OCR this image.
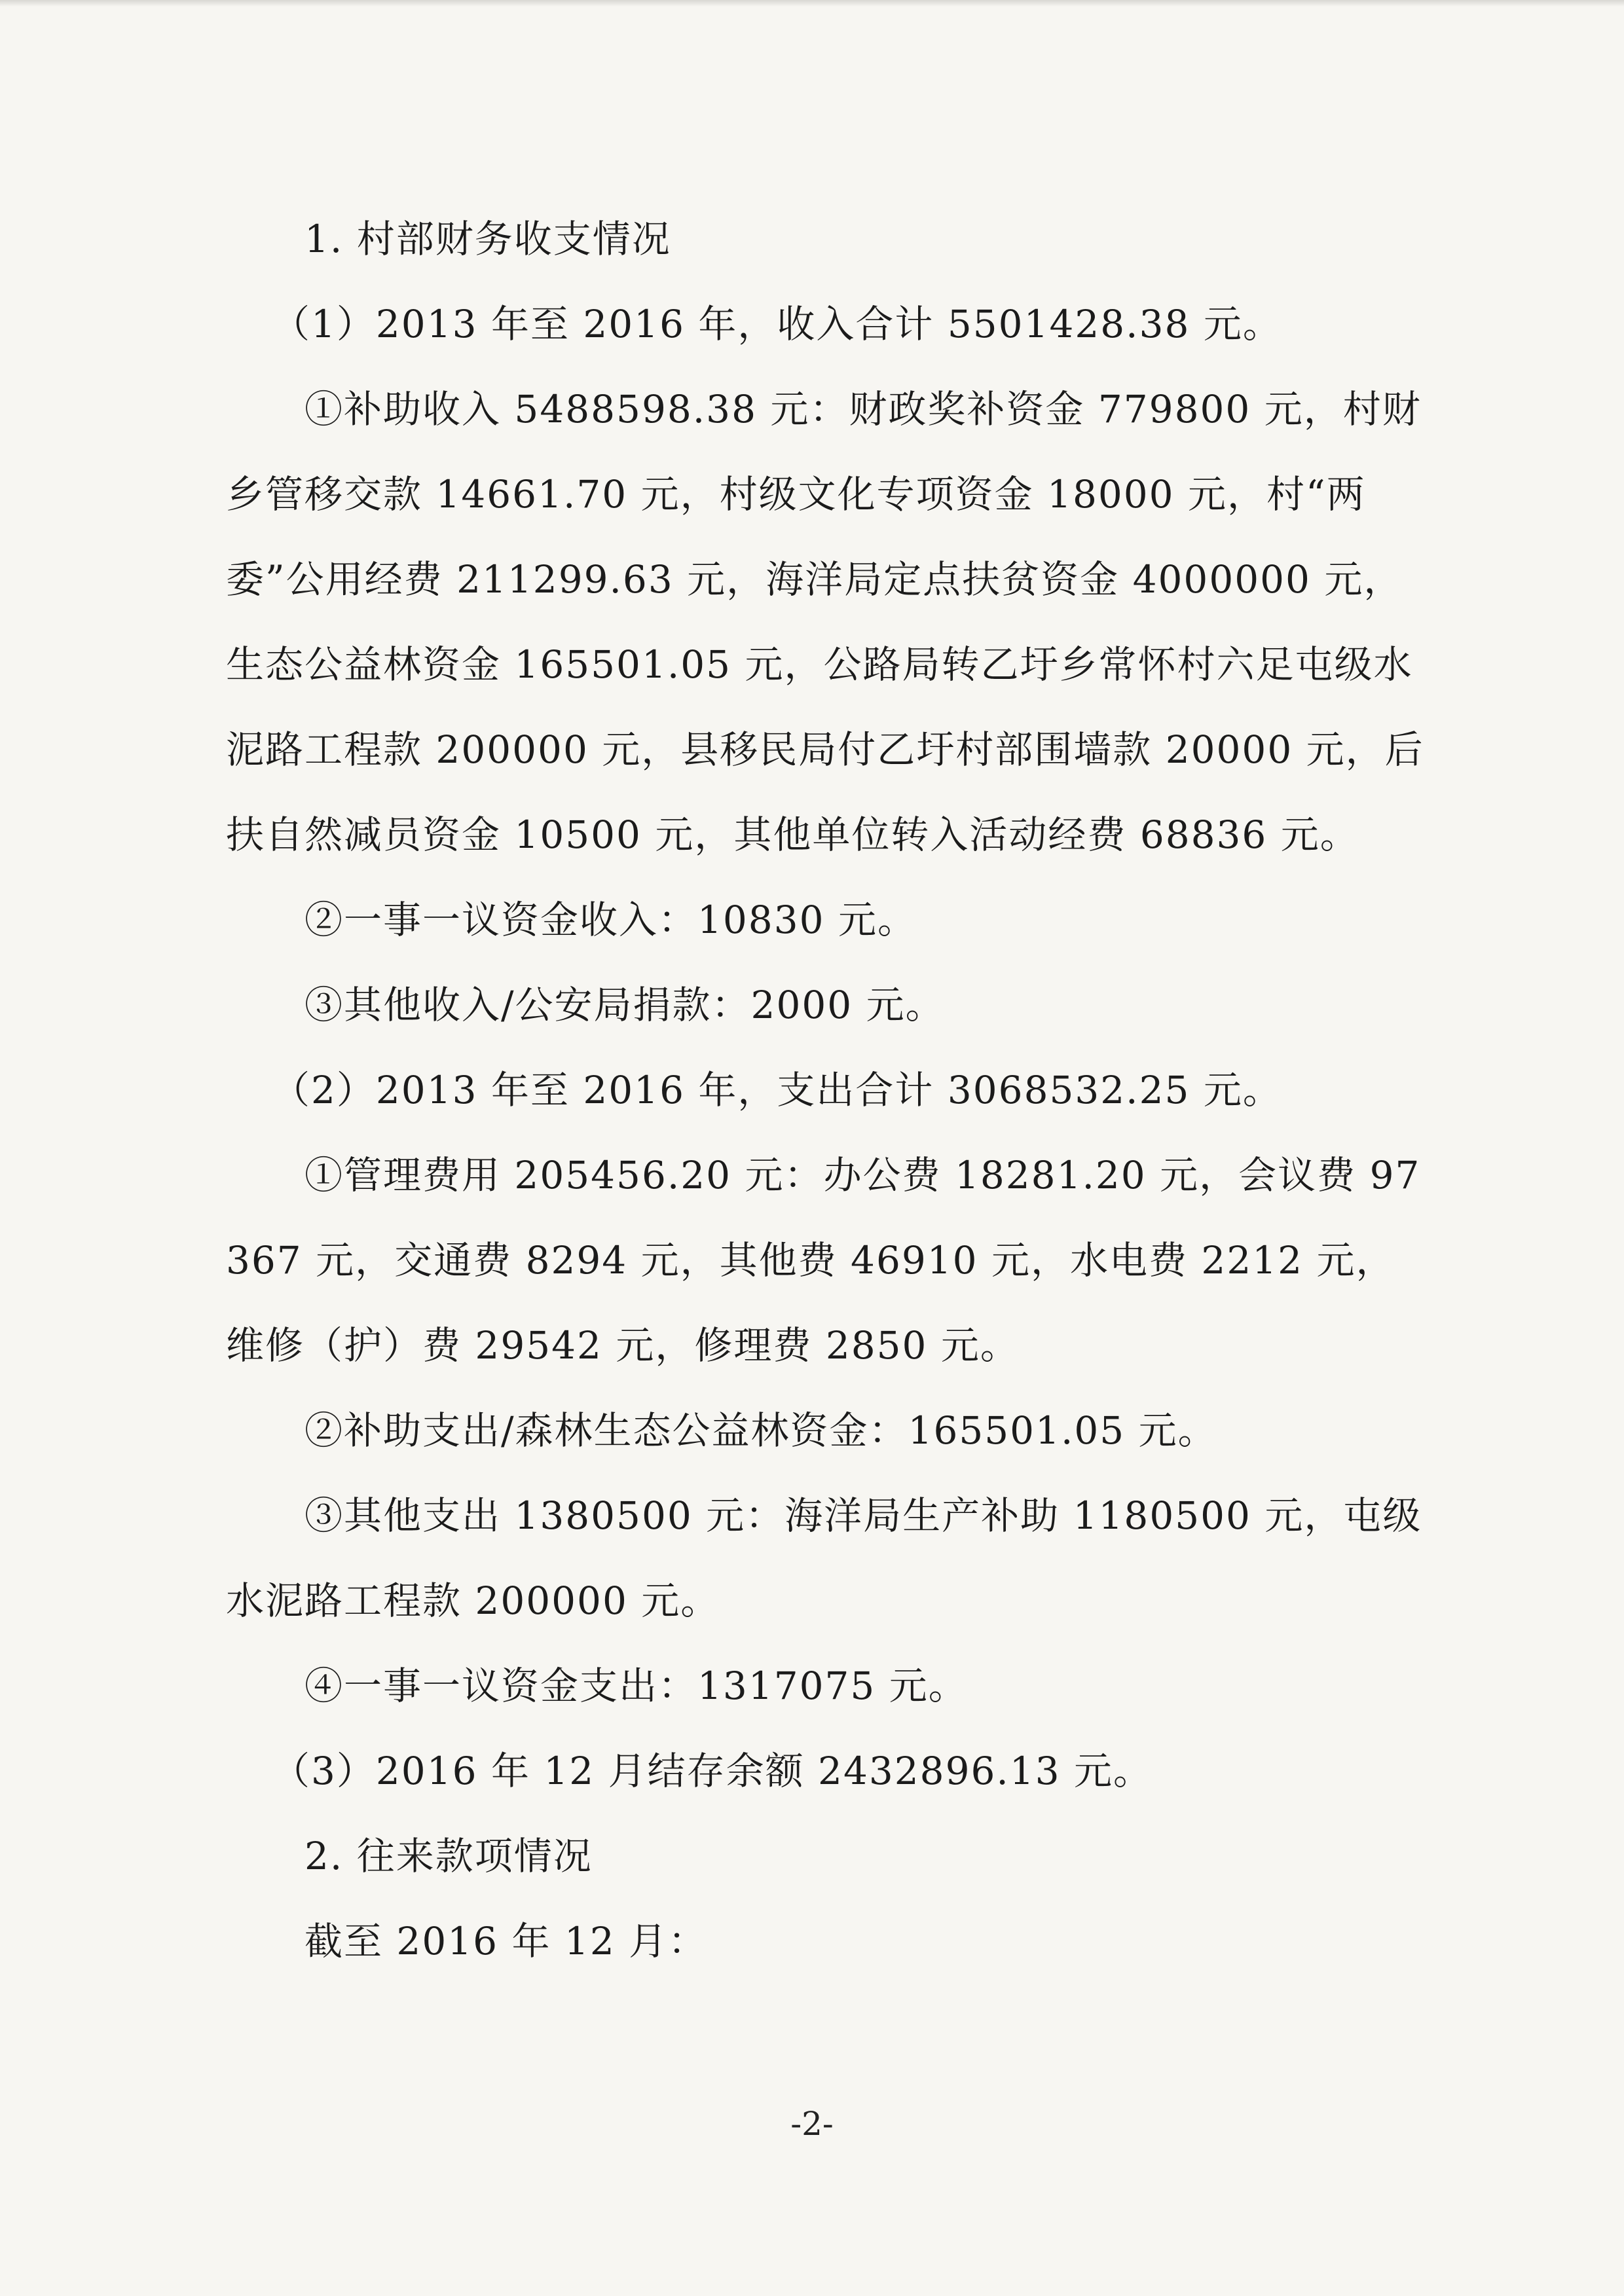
1. 村部财务收支情况

（1）2013 年至 2016 年，收入合计 5501428.38 元。

①补助收入 5488598.38 元：财政奖补资金 779800 元，村财乡管移交款 14661.70 元，村级文化专项资金 18000 元，村“两委”公用经费 211299.63 元，海洋局定点扶贫资金 4000000 元，生态公益林资金 165501.05 元，公路局转乙圩乡常怀村六足屯级水泥路工程款 200000 元，县移民局付乙圩村部围墙款 20000 元，后扶自然减员资金 10500 元，其他单位转入活动经费 68836 元。

②一事一议资金收入：10830 元。

③其他收入/公安局捐款：2000 元。

（2）2013 年至 2016 年，支出合计 3068532.25 元。

①管理费用 205456.20 元：办公费 18281.20 元，会议费 97367 元，交通费 8294 元，其他费 46910 元，水电费 2212 元，维修（护）费 29542 元，修理费 2850 元。

②补助支出/森林生态公益林资金：165501.05 元。

③其他支出 1380500 元：海洋局生产补助 1180500 元，屯级水泥路工程款 200000 元。

④一事一议资金支出：1317075 元。

（3）2016 年 12 月结存余额 2432896.13 元。

2. 往来款项情况

截至 2016 年 12 月：

-2-
